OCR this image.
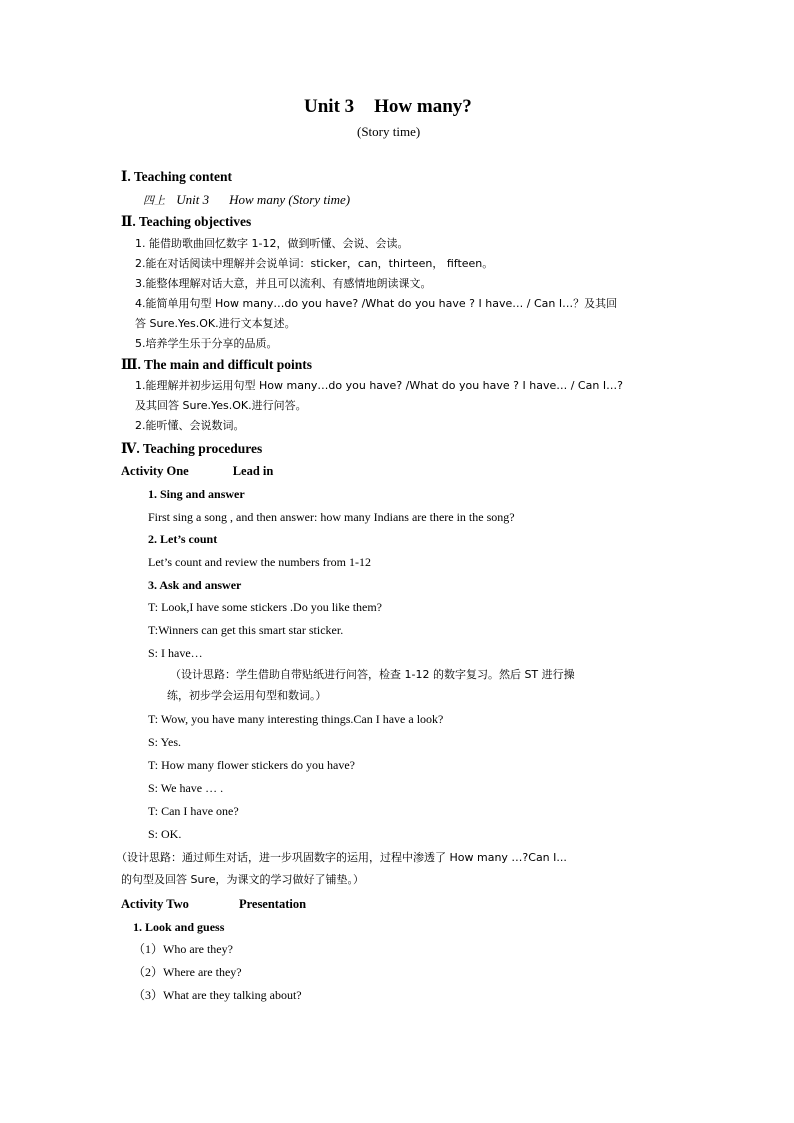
Unit 3 How many?
(Story time)
Ⅰ. Teaching content
四上 Unit 3 How many (Story time)
Ⅱ. Teaching objectives
1. 能借助歌曲回忆数字 1-12，做到听懂、会说、会读。
2.能在对话阅读中理解并会说单词：sticker，can，thirteen， fifteen。
3.能整体理解对话大意，并且可以流利、有感情地朗读课文。
4.能简单用句型 How many…do you have? /What do you have ? I have… / Can I…？及其回
答 Sure.Yes.OK.进行文本复述。
5.培养学生乐于分享的品质。
Ⅲ. The main and difficult points
1.能理解并初步运用句型 How many…do you have? /What do you have ? I have… / Can I…?
及其回答 Sure.Yes.OK.进行问答。
2.能听懂、会说数词。
Ⅳ. Teaching procedures
Activity One	Lead in
1. Sing and answer
First sing a song , and then answer: how many Indians are there in the song?
2. Let’s count
Let’s count and review the numbers from 1-12
3. Ask and answer
T: Look,I have some stickers .Do you like them?
T:Winners can get this smart star sticker.
S: I have…
（设计思路：学生借助自带贴纸进行问答，检查 1-12 的数字复习。然后 ST 进行操
练，初步学会运用句型和数词。）
T: Wow, you have many interesting things.Can I have a look?
S: Yes.
T: How many flower stickers do you have?
S: We have … .
T: Can I have one?
S: OK.
（设计思路：通过师生对话，进一步巩固数字的运用，过程中渗透了 How many …?Can I...
的句型及回答 Sure，为课文的学习做好了铺垫。）
Activity Two	Presentation
1. Look and guess
（1）Who are they?
（2）Where are they?
（3）What are they talking about?
